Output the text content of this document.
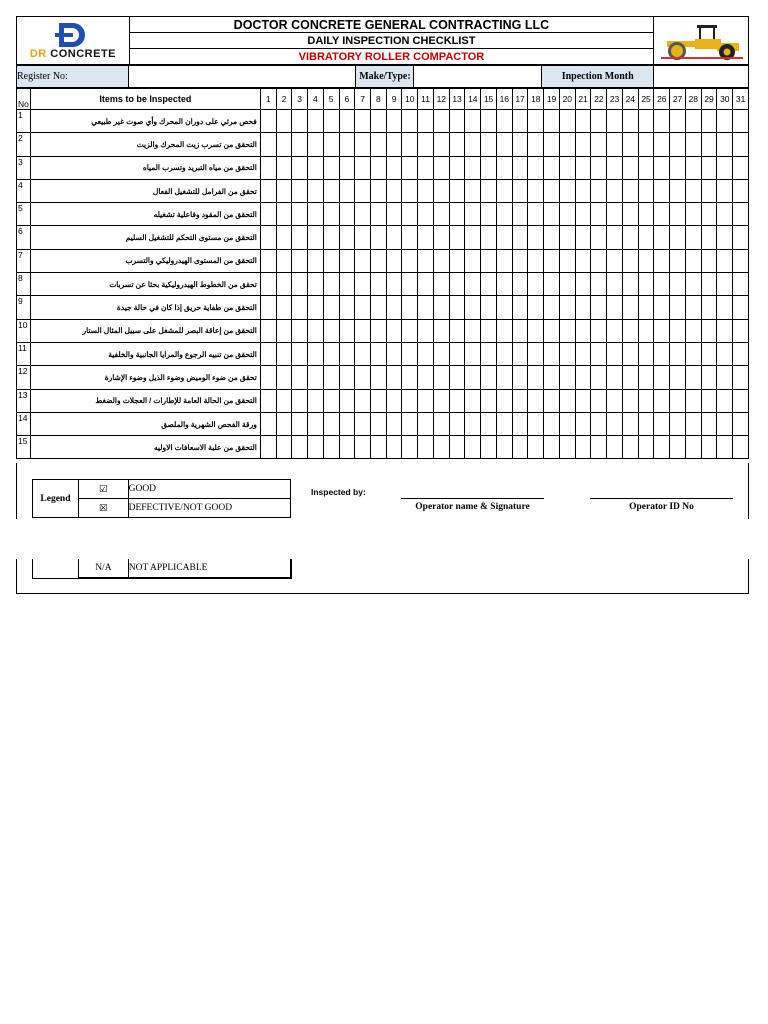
DR CONCRETE
	DOCTOR CONCRETE GENERAL CONTRACTING LLC	

DAILY INSPECTION CHECKLIST
VIBRATORY ROLLER COMPACTOR
Register No:		Make/Type:		Inpection Month	
No	Items to be Inspected	1	2	3	4	5	6	7	8	9	10	11	12	13	14	15	16	17	18	19	20	21	22	23	24	25	26	27	28	29	30	31
1	فحص مرئي على دوران المحرك وأي صوت غير طبيعي																															
2	التحقق من تسرب زيت المحرك والزيت																															
3	التحقق من مياه التبريد وتسرب المياه																															
4	تحقق من الفرامل للتشغيل الفعال																															
5	التحقق من المقود وفاعلية تشغيله																															
6	التحقق من مستوى التحكم للتشغيل السليم																															
7	التحقق من المستوى الهيدروليكي والتسرب																															
8	تحقق من الخطوط الهيدروليكية بحثا عن تسربات																															
9	التحقق من طفاية حريق إذا كان في حالة جيدة																															
10	التحقق من إعاقة البصر للمشغل على سبيل المثال الستار																															
11	التحقق من تنبيه الرجوع والمرايا الجانبية والخلفية																															
12	تحقق من ضوء الوميض وضوء الذيل وضوء الإشارة																															
13	التحقق من الحالة العامة للإطارات / العجلات والضغط																															
14	ورقة الفحص الشهرية والملصق																															
15	التحقق من علبة الاسعافات الاوليه																															
Legend	☑	GOOD
	☒	DEFECTIVE/NOT GOOD
Inspected by:
Operator name & Signature	Operator ID No
N/A	NOT APPLICABLE
